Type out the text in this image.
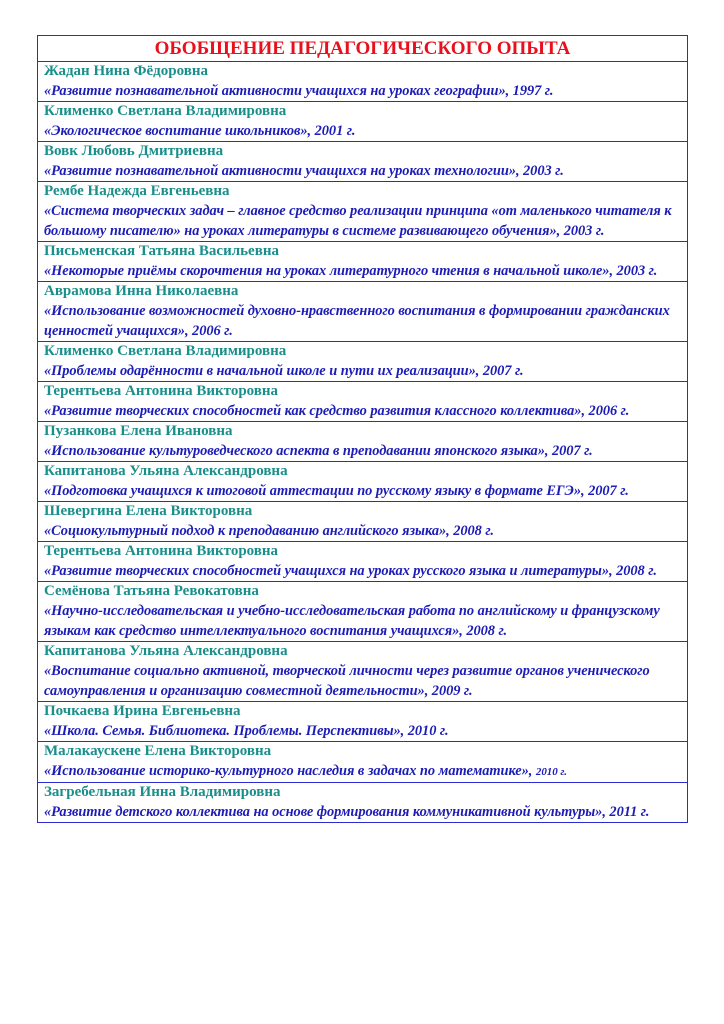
ОБОБЩЕНИЕ ПЕДАГОГИЧЕСКОГО ОПЫТА
Жадан Нина Фёдоровна
«Развитие познавательной активности учащихся на уроках географии», 1997 г.
Клименко Светлана Владимировна
«Экологическое воспитание школьников», 2001 г.
Вовк Любовь Дмитриевна
«Развитие познавательной активности учащихся на уроках технологии», 2003 г.
Рембе Надежда Евгеньевна
«Система творческих задач – главное средство реализации принципа «от маленького читателя к большому писателю» на уроках литературы в системе развивающего обучения», 2003 г.
Письменская Татьяна Васильевна
«Некоторые приёмы скорочтения на уроках литературного чтения в начальной школе», 2003 г.
Аврамова Инна Николаевна
«Использование возможностей духовно-нравственного воспитания в формировании гражданских ценностей учащихся», 2006 г.
Клименко Светлана Владимировна
«Проблемы одарённости в начальной школе и пути их реализации», 2007 г.
Терентьева Антонина Викторовна
«Развитие творческих способностей как средство развития классного коллектива», 2006 г.
Пузанкова Елена Ивановна
«Использование культуроведческого аспекта в преподавании японского языка», 2007 г.
Капитанова Ульяна Александровна
«Подготовка учащихся к итоговой аттестации по русскому языку в формате ЕГЭ», 2007 г.
Шевергина Елена Викторовна
«Социокультурный подход к преподаванию английского языка», 2008 г.
Терентьева Антонина Викторовна
«Развитие творческих способностей учащихся на уроках русского языка и литературы», 2008 г.
Семёнова Татьяна Ревокатовна
«Научно-исследовательская и учебно-исследовательская работа по английскому и французскому языкам как средство интеллектуального воспитания учащихся», 2008 г.
Капитанова Ульяна Александровна
«Воспитание социально активной, творческой личности через развитие органов ученического самоуправления и организацию совместной деятельности», 2009 г.
Почкаева Ирина Евгеньевна
«Школа. Семья. Библиотека. Проблемы. Перспективы», 2010 г.
Малакаускене Елена Викторовна
«Использование историко-культурного наследия в задачах по математике», 2010 г.
Загребельная Инна Владимировна
«Развитие детского коллектива на основе формирования коммуникативной культуры», 2011 г.
